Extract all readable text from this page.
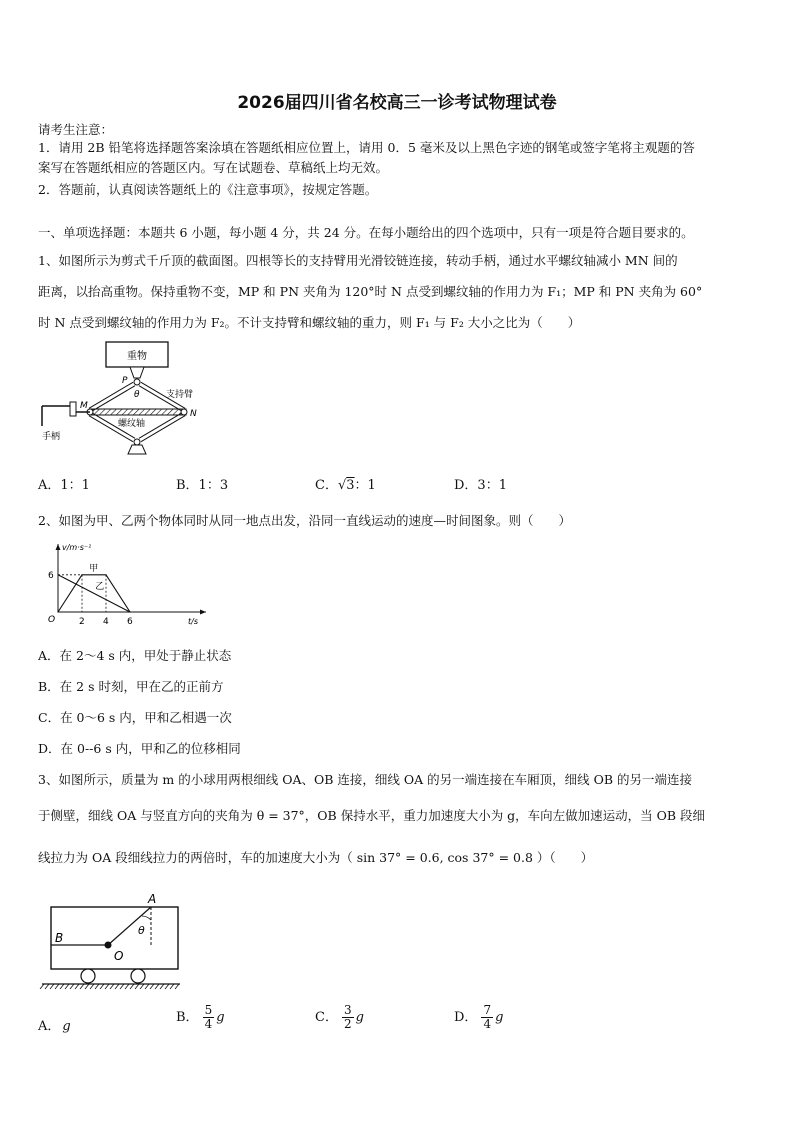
2026届四川省名校高三一诊考试物理试卷
请考生注意：
1．请用 2B 铅笔将选择题答案涂填在答题纸相应位置上，请用 0．5 毫米及以上黑色字迹的钢笔或签字笔将主观题的答
案写在答题纸相应的答题区内。写在试题卷、草稿纸上均无效。
2．答题前，认真阅读答题纸上的《注意事项》，按规定答题。
一、单项选择题：本题共 6 小题，每小题 4 分，共 24 分。在每小题给出的四个选项中，只有一项是符合题目要求的。
1、如图所示为剪式千斤顶的截面图。四根等长的支持臂用光滑铰链连接，转动手柄，通过水平螺纹轴减小 MN 间的
距离，以抬高重物。保持重物不变，MP 和 PN 夹角为 120°时 N 点受到螺纹轴的作用力为 F₁；MP 和 PN 夹角为 60°
时 N 点受到螺纹轴的作用力为 F₂。不计支持臂和螺纹轴的重力，则 F₁ 与 F₂ 大小之比为（　　）
重物
P
θ
M
N
支持臂
螺纹轴
手柄
A．1：1	B．1：3	C．√3：1	D．3：1
2、如图为甲、乙两个物体同时从同一地点出发，沿同一直线运动的速度—时间图象。则（　　）
v/m·s⁻¹
t/s
O	2 4 6
6
甲
乙
A．在 2～4 s 内，甲处于静止状态
B．在 2 s 时刻，甲在乙的正前方
C．在 0～6 s 内，甲和乙相遇一次
D．在 0--6 s 内，甲和乙的位移相同
3、如图所示，质量为 m 的小球用两根细线 OA、OB 连接，细线 OA 的另一端连接在车厢顶，细线 OB 的另一端连接
于侧壁，细线 OA 与竖直方向的夹角为 θ = 37°，OB 保持水平，重力加速度大小为 g，车向左做加速运动，当 OB 段细
线拉力为 OA 段细线拉力的两倍时，车的加速度大小为（ sin 37° = 0.6, cos 37° = 0.8 ）（　　）
A
B
O
θ
A． g
B． $\frac{5}{4}$ g	C． $\frac{3}{2}$ g	D． $\frac{7}{4}$ g
